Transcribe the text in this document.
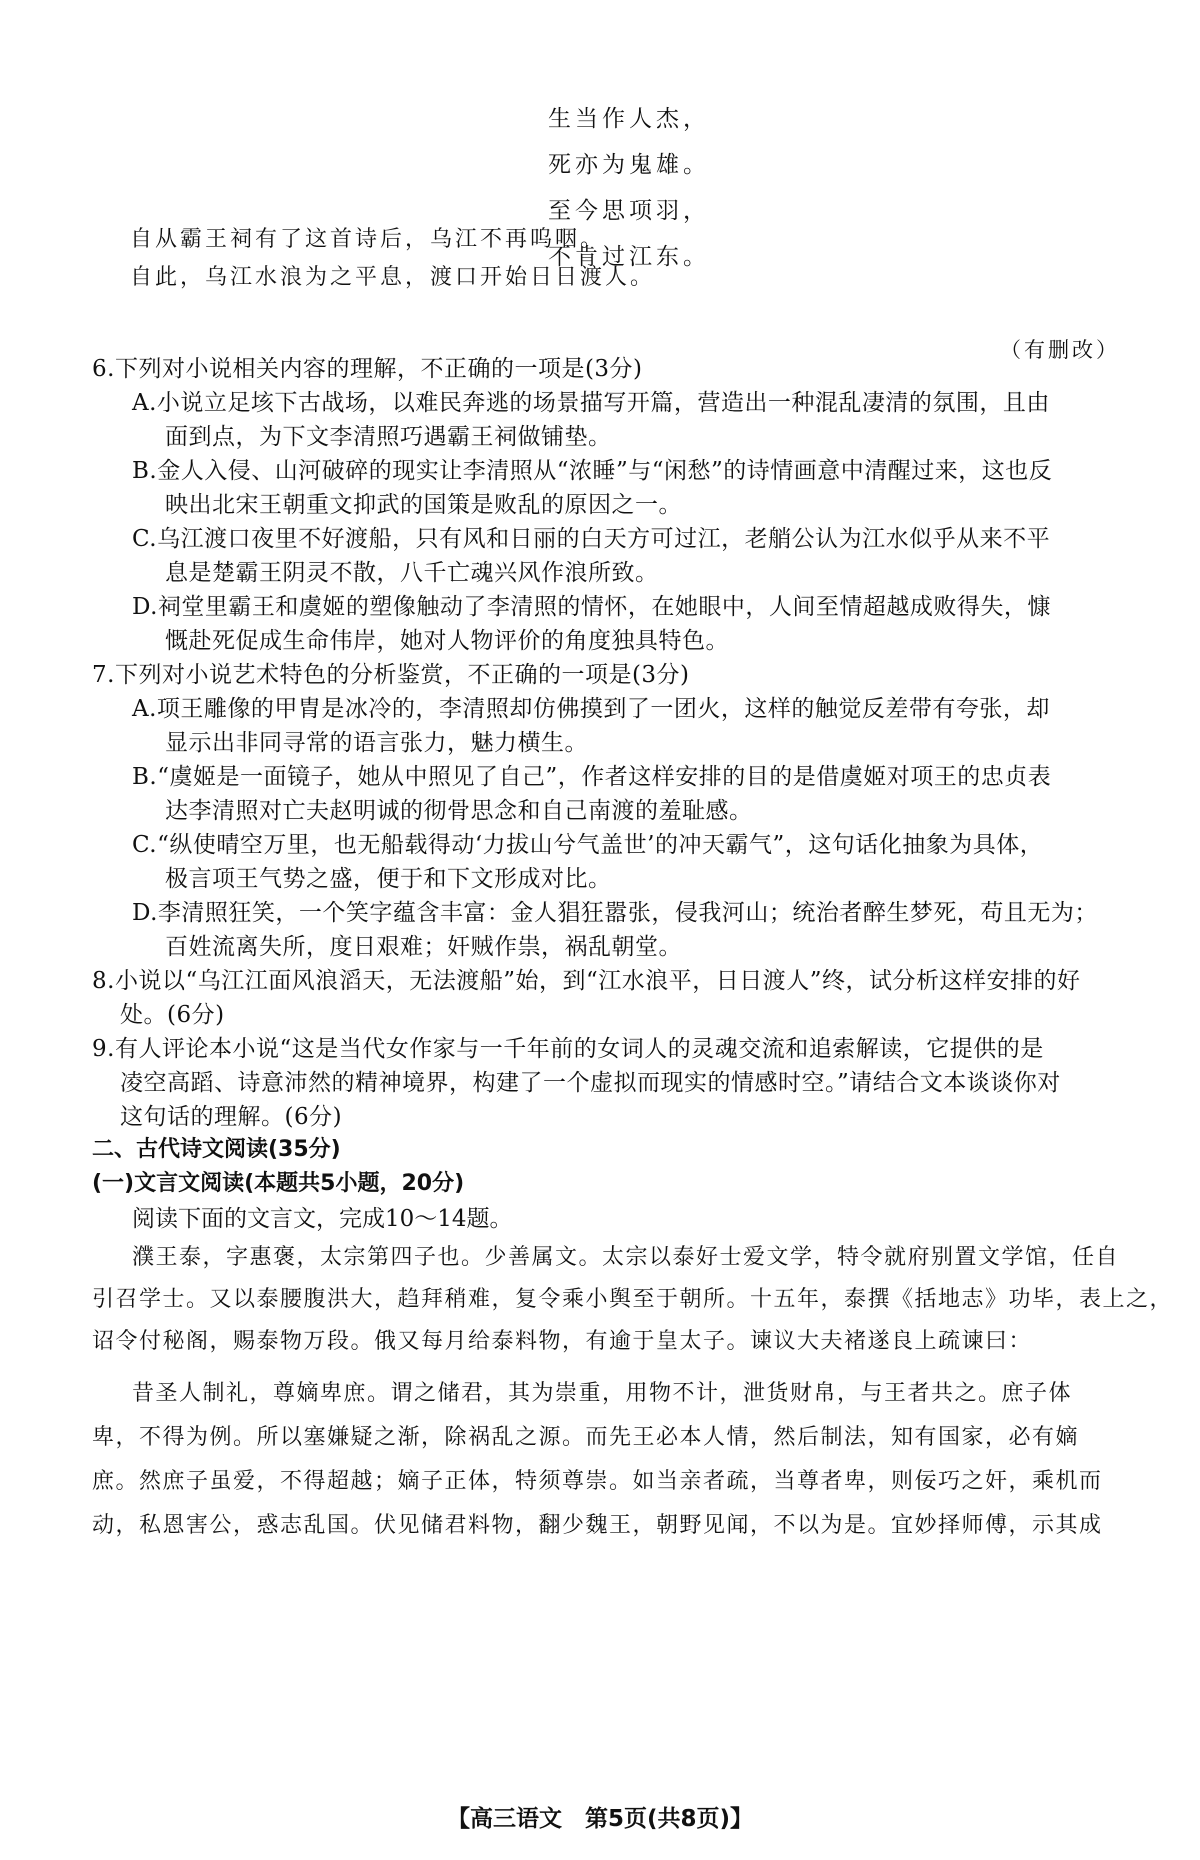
生当作人杰，
死亦为鬼雄。
至今思项羽，
不肯过江东。
自从霸王祠有了这首诗后，乌江不再呜咽。
自此，乌江水浪为之平息，渡口开始日日渡人。
（有删改）
6.下列对小说相关内容的理解，不正确的一项是(3分)
A.小说立足垓下古战场，以难民奔逃的场景描写开篇，营造出一种混乱凄清的氛围，且由
面到点，为下文李清照巧遇霸王祠做铺垫。
B.金人入侵、山河破碎的现实让李清照从“浓睡”与“闲愁”的诗情画意中清醒过来，这也反
映出北宋王朝重文抑武的国策是败乱的原因之一。
C.乌江渡口夜里不好渡船，只有风和日丽的白天方可过江，老艄公认为江水似乎从来不平
息是楚霸王阴灵不散，八千亡魂兴风作浪所致。
D.祠堂里霸王和虞姬的塑像触动了李清照的情怀，在她眼中，人间至情超越成败得失，慷
慨赴死促成生命伟岸，她对人物评价的角度独具特色。
7.下列对小说艺术特色的分析鉴赏，不正确的一项是(3分)
A.项王雕像的甲胄是冰冷的，李清照却仿佛摸到了一团火，这样的触觉反差带有夸张，却
显示出非同寻常的语言张力，魅力横生。
B.“虞姬是一面镜子，她从中照见了自己”，作者这样安排的目的是借虞姬对项王的忠贞表
达李清照对亡夫赵明诚的彻骨思念和自己南渡的羞耻感。
C.“纵使晴空万里，也无船载得动‘力拔山兮气盖世’的冲天霸气”，这句话化抽象为具体，
极言项王气势之盛，便于和下文形成对比。
D.李清照狂笑，一个笑字蕴含丰富：金人猖狂嚣张，侵我河山；统治者醉生梦死，苟且无为；
百姓流离失所，度日艰难；奸贼作祟，祸乱朝堂。
8.小说以“乌江江面风浪滔天，无法渡船”始，到“江水浪平，日日渡人”终，试分析这样安排的好
处。(6分)
9.有人评论本小说“这是当代女作家与一千年前的女词人的灵魂交流和追索解读，它提供的是
凌空高蹈、诗意沛然的精神境界，构建了一个虚拟而现实的情感时空。”请结合文本谈谈你对
这句话的理解。(6分)
二、古代诗文阅读(35分)
(一)文言文阅读(本题共5小题，20分)
阅读下面的文言文，完成10～14题。
濮王泰，字惠褒，太宗第四子也。少善属文。太宗以泰好士爱文学，特令就府别置文学馆，任自
引召学士。又以泰腰腹洪大，趋拜稍难，复令乘小舆至于朝所。十五年，泰撰《括地志》功毕，表上之，
诏令付秘阁，赐泰物万段。俄又每月给泰料物，有逾于皇太子。谏议大夫褚遂良上疏谏曰：
昔圣人制礼，尊嫡卑庶。谓之储君，其为崇重，用物不计，泄货财帛，与王者共之。庶子体
卑，不得为例。所以塞嫌疑之渐，除祸乱之源。而先王必本人情，然后制法，知有国家，必有嫡
庶。然庶子虽爱，不得超越；嫡子正体，特须尊崇。如当亲者疏，当尊者卑，则佞巧之奸，乘机而
动，私恩害公，惑志乱国。伏见储君料物，翻少魏王，朝野见闻，不以为是。宜妙择师傅，示其成
【高三语文　第5页(共8页)】
